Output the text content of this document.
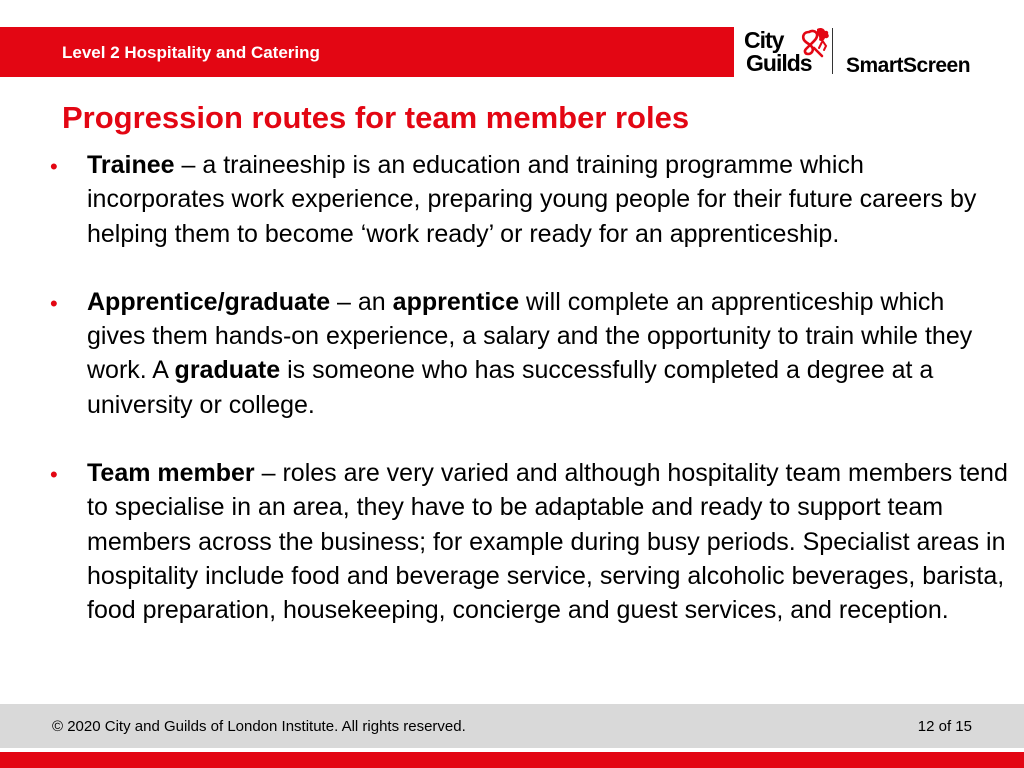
Level 2 Hospitality and Catering	City
Guilds SmartScreen
Progression routes for team member roles
• Trainee – a traineeship is an education and training programme which incorporates work experience, preparing young people for their future careers by helping them to become ‘work ready’ or ready for an apprenticeship.
• Apprentice/graduate – an apprentice will complete an apprenticeship which gives them hands-on experience, a salary and the opportunity to train while they work. A graduate is someone who has successfully completed a degree at a university or college.
• Team member – roles are very varied and although hospitality team members tend to specialise in an area, they have to be adaptable and ready to support team members across the business; for example during busy periods. Specialist areas in hospitality include food and beverage service, serving alcoholic beverages, barista, food preparation, housekeeping, concierge and guest services, and reception.
© 2020 City and Guilds of London Institute. All rights reserved.	12 of 15
